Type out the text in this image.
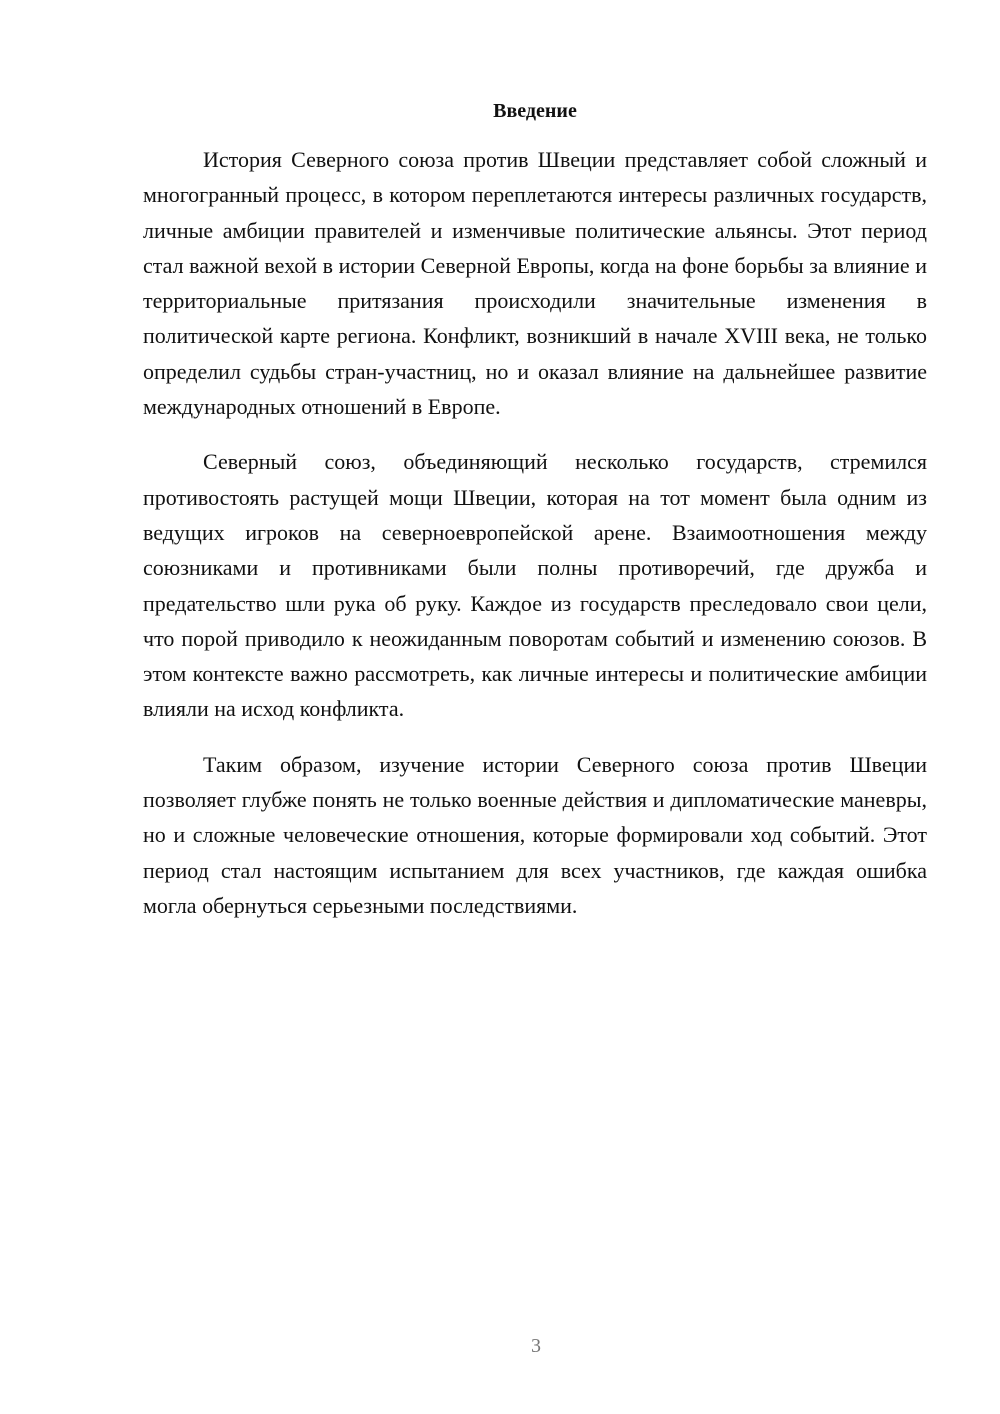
Введение

История Северного союза против Швеции представляет собой сложный и многогранный процесс, в котором переплетаются интересы различных государств, личные амбиции правителей и изменчивые политические альянсы. Этот период стал важной вехой в истории Северной Европы, когда на фоне борьбы за влияние и территориальные притязания происходили значительные изменения в политической карте региона. Конфликт, возникший в начале XVIII века, не только определил судьбы стран-участниц, но и оказал влияние на дальнейшее развитие международных отношений в Европе.

Северный союз, объединяющий несколько государств, стремился противостоять растущей мощи Швеции, которая на тот момент была одним из ведущих игроков на северноевропейской арене. Взаимоотношения между союзниками и противниками были полны противоречий, где дружба и предательство шли рука об руку. Каждое из государств преследовало свои цели, что порой приводило к неожиданным поворотам событий и изменению союзов. В этом контексте важно рассмотреть, как личные интересы и политические амбиции влияли на исход конфликта.

Таким образом, изучение истории Северного союза против Швеции позволяет глубже понять не только военные действия и дипломатические маневры, но и сложные человеческие отношения, которые формировали ход событий. Этот период стал настоящим испытанием для всех участников, где каждая ошибка могла обернуться серьезными последствиями.

3
